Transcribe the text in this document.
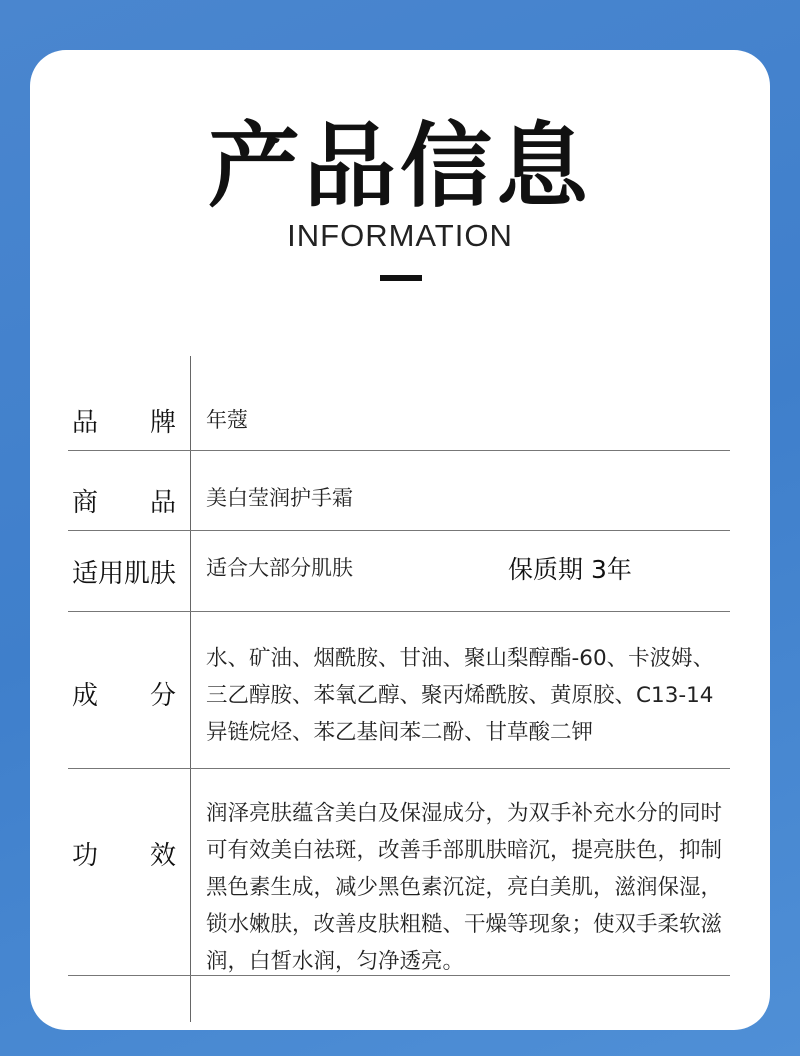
产品信息
INFORMATION
品 牌 年蔻
商 品 美白莹润护手霜
适用肌肤	适合大部分肌肤	保质期 3年
成 分
水、矿油、烟酰胺、甘油、聚山梨醇酯-60、卡波姆、
三乙醇胺、苯氧乙醇、聚丙烯酰胺、黄原胶、C13-14
异链烷烃、苯乙基间苯二酚、甘草酸二钾
功 效
润泽亮肤蕴含美白及保湿成分，为双手补充水分的同时
可有效美白祛斑，改善手部肌肤暗沉，提亮肤色，抑制
黑色素生成，减少黑色素沉淀，亮白美肌，滋润保湿，
锁水嫩肤，改善皮肤粗糙、干燥等现象；使双手柔软滋
润，白皙水润，匀净透亮。
